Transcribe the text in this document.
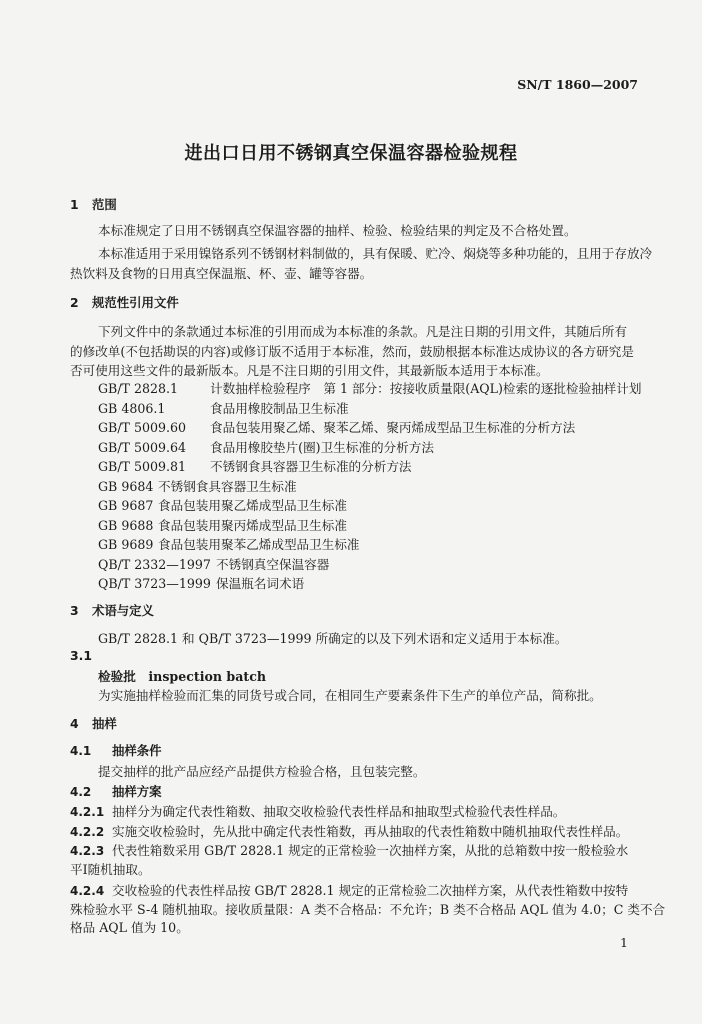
SN/T 1860—2007
进出口日用不锈钢真空保温容器检验规程
1 范围
本标准规定了日用不锈钢真空保温容器的抽样、检验、检验结果的判定及不合格处置。
本标准适用于采用镍铬系列不锈钢材料制做的，具有保暖、贮冷、焖烧等多种功能的，且用于存放冷
热饮料及食物的日用真空保温瓶、杯、壶、罐等容器。
2 规范性引用文件
下列文件中的条款通过本标准的引用而成为本标准的条款。凡是注日期的引用文件，其随后所有
的修改单(不包括勘误的内容)或修订版不适用于本标准，然而，鼓励根据本标准达成协议的各方研究是
否可使用这些文件的最新版本。凡是不注日期的引用文件，其最新版本适用于本标准。
GB/T 2828.1	计数抽样检验程序　第 1 部分：按接收质量限(AQL)检索的逐批检验抽样计划
GB 4806.1	食品用橡胶制品卫生标准
GB/T 5009.60 食品包装用聚乙烯、聚苯乙烯、聚丙烯成型品卫生标准的分析方法
GB/T 5009.64 食品用橡胶垫片(圈)卫生标准的分析方法
GB/T 5009.81 不锈钢食具容器卫生标准的分析方法
GB 9684 不锈钢食具容器卫生标准
GB 9687 食品包装用聚乙烯成型品卫生标准
GB 9688 食品包装用聚丙烯成型品卫生标准
GB 9689 食品包装用聚苯乙烯成型品卫生标准
QB/T 2332—1997 不锈钢真空保温容器
QB/T 3723—1999 保温瓶名词术语
3 术语与定义
GB/T 2828.1 和 QB/T 3723—1999 所确定的以及下列术语和定义适用于本标准。
3.1
检验批　inspection batch
为实施抽样检验而汇集的同货号或合同，在相同生产要素条件下生产的单位产品，简称批。
4 抽样
4.1 抽样条件
提交抽样的批产品应经产品提供方检验合格，且包装完整。
4.2 抽样方案
4.2.1 抽样分为确定代表性箱数、抽取交收检验代表性样品和抽取型式检验代表性样品。
4.2.2 实施交收检验时，先从批中确定代表性箱数，再从抽取的代表性箱数中随机抽取代表性样品。
4.2.3 代表性箱数采用 GB/T 2828.1 规定的正常检验一次抽样方案，从批的总箱数中按一般检验水
平Ⅰ随机抽取。
4.2.4 交收检验的代表性样品按 GB/T 2828.1 规定的正常检验二次抽样方案，从代表性箱数中按特
殊检验水平 S-4 随机抽取。接收质量限：A 类不合格品：不允许；B 类不合格品 AQL 值为 4.0；C 类不合
格品 AQL 值为 10。
1
